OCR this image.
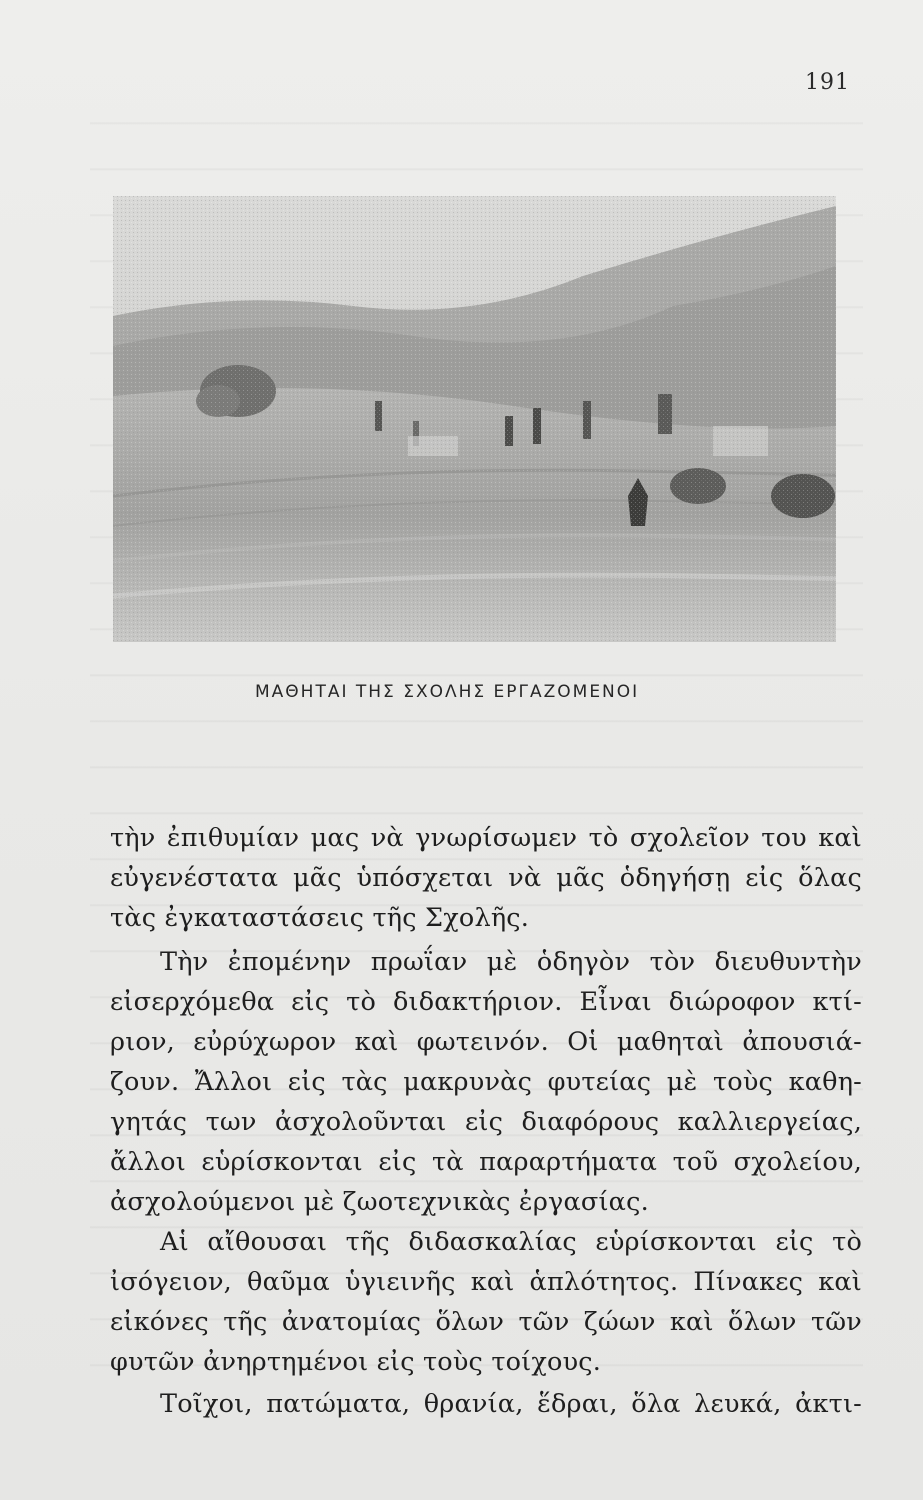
191
ΜΑΘΗΤΑΙ ΤΗΣ ΣΧΟΛΗΣ ΕΡΓΑΖΟΜΕΝΟΙ
τὴν ἐπιθυμίαν μας νὰ γνωρίσωμεν τὸ σχολεῖον του καὶ
εὐγενέστατα μᾶς ὑπόσχεται νὰ μᾶς ὁδηγήσῃ εἰς ὅλας
τὰς ἐγκαταστάσεις τῆς Σχολῆς.
Τὴν ἐπομένην πρωΐαν μὲ ὁδηγὸν τὸν διευθυντὴν
εἰσερχόμεθα εἰς τὸ διδακτήριον. Εἶναι διώροφον κτί-
ριον, εὐρύχωρον καὶ φωτεινόν. Οἱ μαθηταὶ ἀπουσιά-
ζουν. Ἄλλοι εἰς τὰς μακρυνὰς φυτείας μὲ τοὺς καθη-
γητάς των ἀσχολοῦνται εἰς διαφόρους καλλιεργείας,
ἄλλοι εὑρίσκονται εἰς τὰ παραρτήματα τοῦ σχολείου,
ἀσχολούμενοι μὲ ζωοτεχνικὰς ἐργασίας.
Αἱ αἴθουσαι τῆς διδασκαλίας εὑρίσκονται εἰς τὸ
ἰσόγειον, θαῦμα ὑγιεινῆς καὶ ἁπλότητος. Πίνακες καὶ
εἰκόνες τῆς ἀνατομίας ὅλων τῶν ζώων καὶ ὅλων τῶν
φυτῶν ἀνηρτημένοι εἰς τοὺς τοίχους.
Τοῖχοι, πατώματα, θρανία, ἕδραι, ὅλα λευκά, ἀκτι-
